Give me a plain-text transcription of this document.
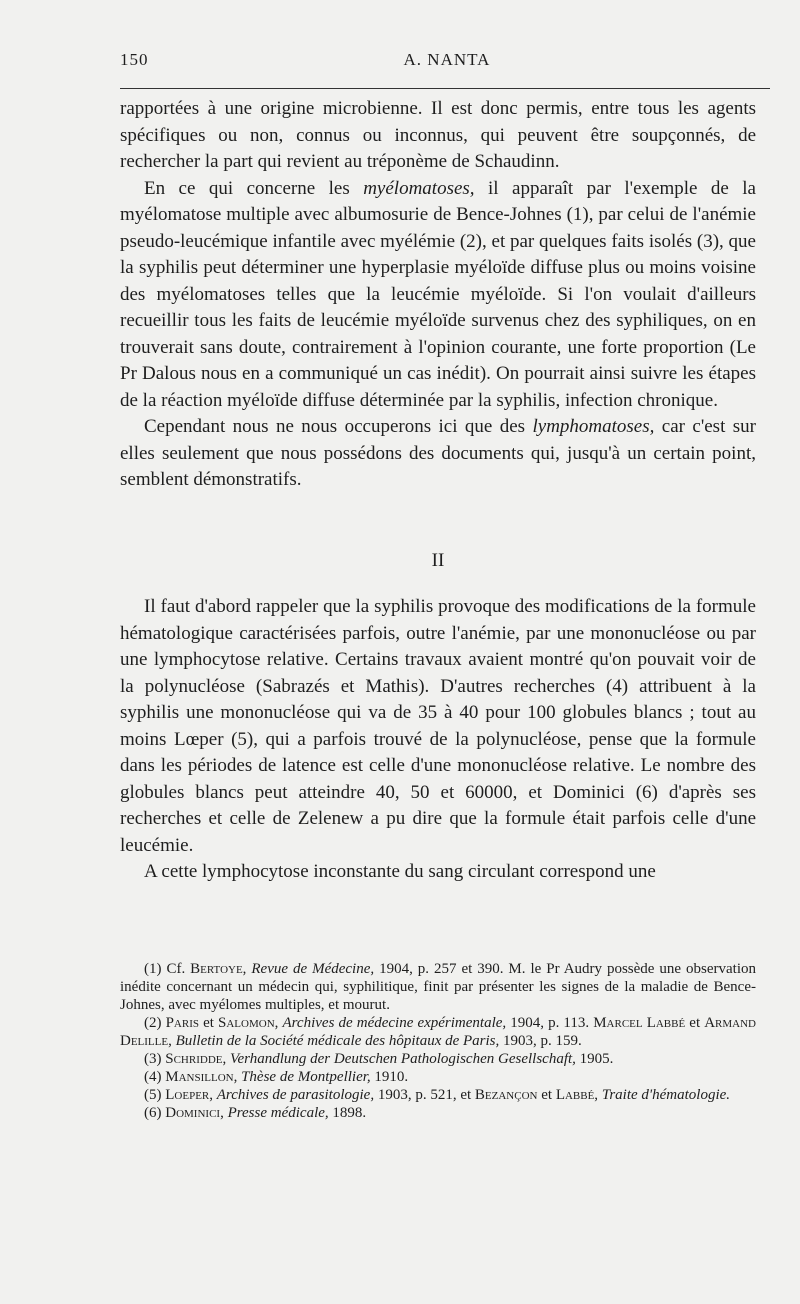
150	A. NANTA

rapportées à une origine microbienne. Il est donc permis, entre tous les agents spécifiques ou non, connus ou inconnus, qui peuvent être soupçonnés, de rechercher la part qui revient au tréponème de Schaudinn.

En ce qui concerne les myélomatoses, il apparaît par l'exemple de la myélomatose multiple avec albumosurie de Bence-Johnes (1), par celui de l'anémie pseudo-leucémique infantile avec myélémie (2), et par quelques faits isolés (3), que la syphilis peut déterminer une hyperplasie myéloïde diffuse plus ou moins voisine des myélomatoses telles que la leucémie myéloïde. Si l'on voulait d'ailleurs recueillir tous les faits de leucémie myéloïde survenus chez des syphiliques, on en trouverait sans doute, contrairement à l'opinion courante, une forte proportion (Le Pr Dalous nous en a communiqué un cas inédit). On pourrait ainsi suivre les étapes de la réaction myéloïde diffuse déterminée par la syphilis, infection chronique.

Cependant nous ne nous occuperons ici que des lymphomatoses, car c'est sur elles seulement que nous possédons des documents qui, jusqu'à un certain point, semblent démonstratifs.

II

Il faut d'abord rappeler que la syphilis provoque des modifications de la formule hématologique caractérisées parfois, outre l'anémie, par une mononucléose ou par une lymphocytose relative. Certains travaux avaient montré qu'on pouvait voir de la polynucléose (Sabrazés et Mathis). D'autres recherches (4) attribuent à la syphilis une mononucléose qui va de 35 à 40 pour 100 globules blancs ; tout au moins Lœper (5), qui a parfois trouvé de la polynucléose, pense que la formule dans les périodes de latence est celle d'une mononucléose relative. Le nombre des globules blancs peut atteindre 40, 50 et 60000, et Dominici (6) d'après ses recherches et celle de Zelenew a pu dire que la formule était parfois celle d'une leucémie.

A cette lymphocytose inconstante du sang circulant correspond une

(1) Cf. Bertoye, Revue de Médecine, 1904, p. 257 et 390. M. le Pr Audry possède une observation inédite concernant un médecin qui, syphilitique, finit par présenter les signes de la maladie de Bence-Johnes, avec myélomes multiples, et mourut.

(2) Paris et Salomon, Archives de médecine expérimentale, 1904, p. 113. Marcel Labbé et Armand Delille, Bulletin de la Société médicale des hôpitaux de Paris, 1903, p. 159.

(3) Schridde, Verhandlung der Deutschen Pathologischen Gesellschaft, 1905.

(4) Mansillon, Thèse de Montpellier, 1910.

(5) Loeper, Archives de parasitologie, 1903, p. 521, et Bezançon et Labbé, Traite d'hématologie.

(6) Dominici, Presse médicale, 1898.
